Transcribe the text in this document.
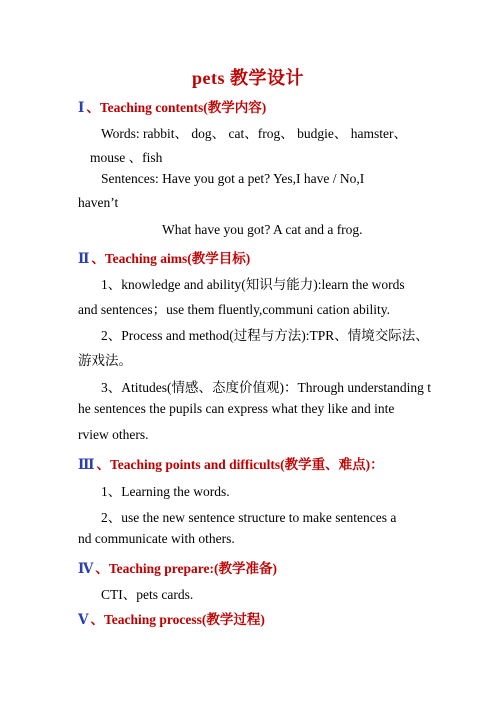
pets 教学设计
Ⅰ 、Teaching contents(教学内容)
Words: rabbit、 dog、 cat、frog、 budgie、 hamster、
mouse 、fish
Sentences: Have you got a pet? Yes,I have / No,I
haven’t
What have you got? A cat and a frog.
Ⅱ 、Teaching aims(教学目标)
1、knowledge and ability(知识与能力):learn the words
and sentences；use them fluently,communi cation ability.
2、Process and method(过程与方法):TPR、情境交际法、
游戏法。
3、Atitudes(情感、态度价值观)：Through understanding t
he sentences the pupils can express what they like and inte
rview others.
Ⅲ 、Teaching points and difficults(教学重、难点)：
1、Learning the words.
2、use the new sentence structure to make sentences a
nd communicate with others.
Ⅳ 、Teaching prepare:(教学准备)
CTI、pets cards.
Ⅴ 、Teaching process(教学过程)
